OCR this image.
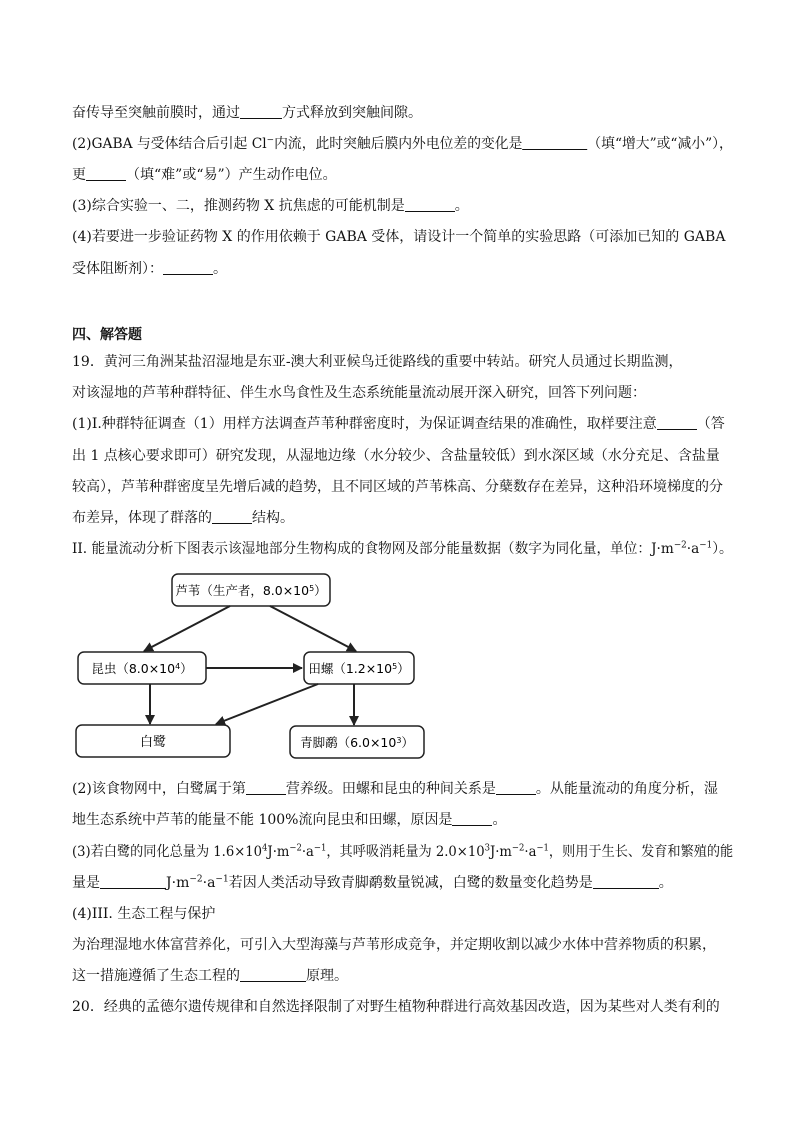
奋传导至突触前膜时，通过	方式释放到突触间隙。
(2)GABA 与受体结合后引起 Cl−内流，此时突触后膜内外电位差的变化是	（填“增大”或“减小”），
更	（填“难”或“易”）产生动作电位。
(3)综合实验一、二，推测药物 X 抗焦虑的可能机制是	。
(4)若要进一步验证药物 X 的作用依赖于 GABA 受体，请设计一个简单的实验思路（可添加已知的 GABA
受体阻断剂）：	。
四、解答题
19．黄河三角洲某盐沼湿地是东亚-澳大利亚候鸟迁徙路线的重要中转站。研究人员通过长期监测，
对该湿地的芦苇种群特征、伴生水鸟食性及生态系统能量流动展开深入研究，回答下列问题：
(1)I.种群特征调查（1）用样方法调查芦苇种群密度时，为保证调查结果的准确性，取样要注意	（答
出 1 点核心要求即可）研究发现，从湿地边缘（水分较少、含盐量较低）到水深区域（水分充足、含盐量
较高），芦苇种群密度呈先增后减的趋势，且不同区域的芦苇株高、分蘖数存在差异，这种沿环境梯度的分
布差异，体现了群落的	结构。
II. 能量流动分析下图表示该湿地部分生物构成的食物网及部分能量数据（数字为同化量，单位：$J\cdot m^{-2}\cdot a^{-1}$）。
芦苇（生产者，$8.0\times 10^5$）
昆虫$(8.0\times 10^4)$	田螺$(1.2\times 10^5)$
白鹭	青脚鹬$(6.0\times 10^3)$
(2)该食物网中，白鹭属于第	营养级。田螺和昆虫的种间关系是	。从能量流动的角度分析，湿
地生态系统中芦苇的能量不能 100%流向昆虫和田螺，原因是	。
(3)若白鹭的同化总量为 $1.6\times 10^4J\cdot m^{-2}\cdot a^{-1}$，其呼吸消耗量为 $2.0\times 10^3J\cdot m^{-2}\cdot a^{-1}$，则用于生长、发育和繁殖的能
量是	$J\cdot m^{-2}\cdot a^{-1}$若因人类活动导致青脚鹬数量锐减，白鹭的数量变化趋势是	。
(4)III. 生态工程与保护
为治理湿地水体富营养化，可引入大型海藻与芦苇形成竞争，并定期收割以减少水体中营养物质的积累，
这一措施遵循了生态工程的	原理。
20．经典的孟德尔遗传规律和自然选择限制了对野生植物种群进行高效基因改造，因为某些对人类有利的
